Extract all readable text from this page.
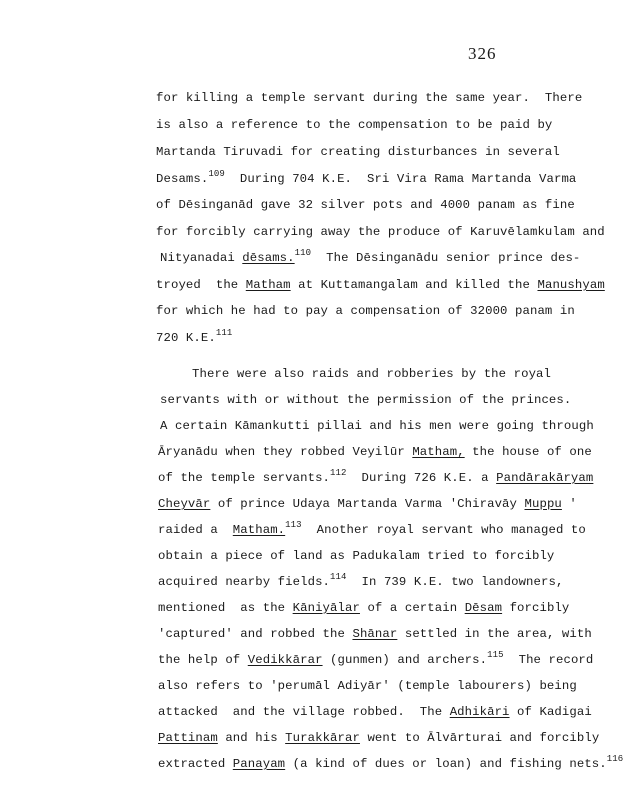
326
for killing a temple servant during the same year.  There
is also a reference to the compensation to be paid by
Martanda Tiruvadi for creating disturbances in several
Desams.$^{109}$  During 704 K.E.  Sri Vira Rama Martanda Varma
of Dēsinganād gave 32 silver pots and 4000 panam as fine
for forcibly carrying away the produce of Karuvēlamkulam and
Nityanadai dēsams.$^{110}$  The Dēsinganādu senior prince des-
troyed  the Matham at Kuttamangalam and killed the Manushyam
for which he had to pay a compensation of 32000 panam in
720 K.E.$^{111}$
There were also raids and robberies by the royal
servants with or without the permission of the princes.
A certain Kāmankutti pillai and his men were going through
Āryanādu when they robbed Veyilūr Matham, the house of one
of the temple servants.$^{112}$  During 726 K.E. a Pandārakāryam
Cheyvār of prince Udaya Martanda Varma 'Chiravāy Muppu '
raided a  Matham.$^{113}$  Another royal servant who managed to
obtain a piece of land as Padukalam tried to forcibly
acquired nearby fields.$^{114}$  In 739 K.E. two landowners,
mentioned  as the Kāniyālar of a certain Dēsam forcibly
'captured' and robbed the Shānar settled in the area, with
the help of Vedikkārar (gunmen) and archers.$^{115}$  The record
also refers to 'perumāl Adiyār' (temple labourers) being
attacked  and the village robbed.  The Adhikāri of Kadigai
Pattinam and his Turakkārar went to Ālvārturai and forcibly
extracted Panayam (a kind of dues or loan) and fishing nets.$^{116}$
